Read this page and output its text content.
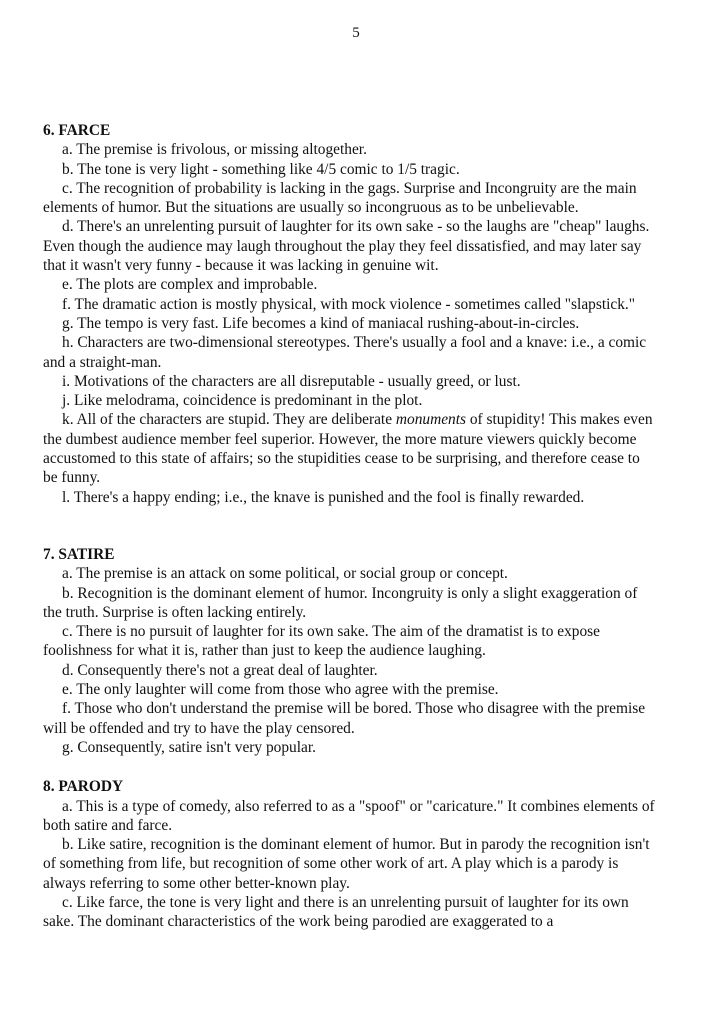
5

6. FARCE

a. The premise is frivolous, or missing altogether.

b. The tone is very light - something like 4/5 comic to 1/5 tragic.

c. The recognition of probability is lacking in the gags. Surprise and Incongruity are the main elements of humor. But the situations are usually so incongruous as to be unbelievable.

d. There's an unrelenting pursuit of laughter for its own sake - so the laughs are "cheap" laughs. Even though the audience may laugh throughout the play they feel dissatisfied, and may later say that it wasn't very funny - because it was lacking in genuine wit.

e. The plots are complex and improbable.

f. The dramatic action is mostly physical, with mock violence - sometimes called "slapstick."

g. The tempo is very fast. Life becomes a kind of maniacal rushing-about-in-circles.

h. Characters are two-dimensional stereotypes. There's usually a fool and a knave: i.e., a comic and a straight-man.

i. Motivations of the characters are all disreputable - usually greed, or lust.

j. Like melodrama, coincidence is predominant in the plot.

k. All of the characters are stupid. They are deliberate monuments of stupidity! This makes even the dumbest audience member feel superior. However, the more mature viewers quickly become accustomed to this state of affairs; so the stupidities cease to be surprising, and therefore cease to be funny.

l. There's a happy ending; i.e., the knave is punished and the fool is finally rewarded.

7. SATIRE

a. The premise is an attack on some political, or social group or concept.

b. Recognition is the dominant element of humor. Incongruity is only a slight exaggeration of the truth. Surprise is often lacking entirely.

c. There is no pursuit of laughter for its own sake. The aim of the dramatist is to expose foolishness for what it is, rather than just to keep the audience laughing.

d. Consequently there's not a great deal of laughter.

e. The only laughter will come from those who agree with the premise.

f. Those who don't understand the premise will be bored. Those who disagree with the premise will be offended and try to have the play censored.

g. Consequently, satire isn't very popular.

8. PARODY

a. This is a type of comedy, also referred to as a "spoof" or "caricature." It combines elements of both satire and farce.

b. Like satire, recognition is the dominant element of humor. But in parody the recognition isn't of something from life, but recognition of some other work of art. A play which is a parody is always referring to some other better-known play.

c. Like farce, the tone is very light and there is an unrelenting pursuit of laughter for its own sake. The dominant characteristics of the work being parodied are exaggerated to a
